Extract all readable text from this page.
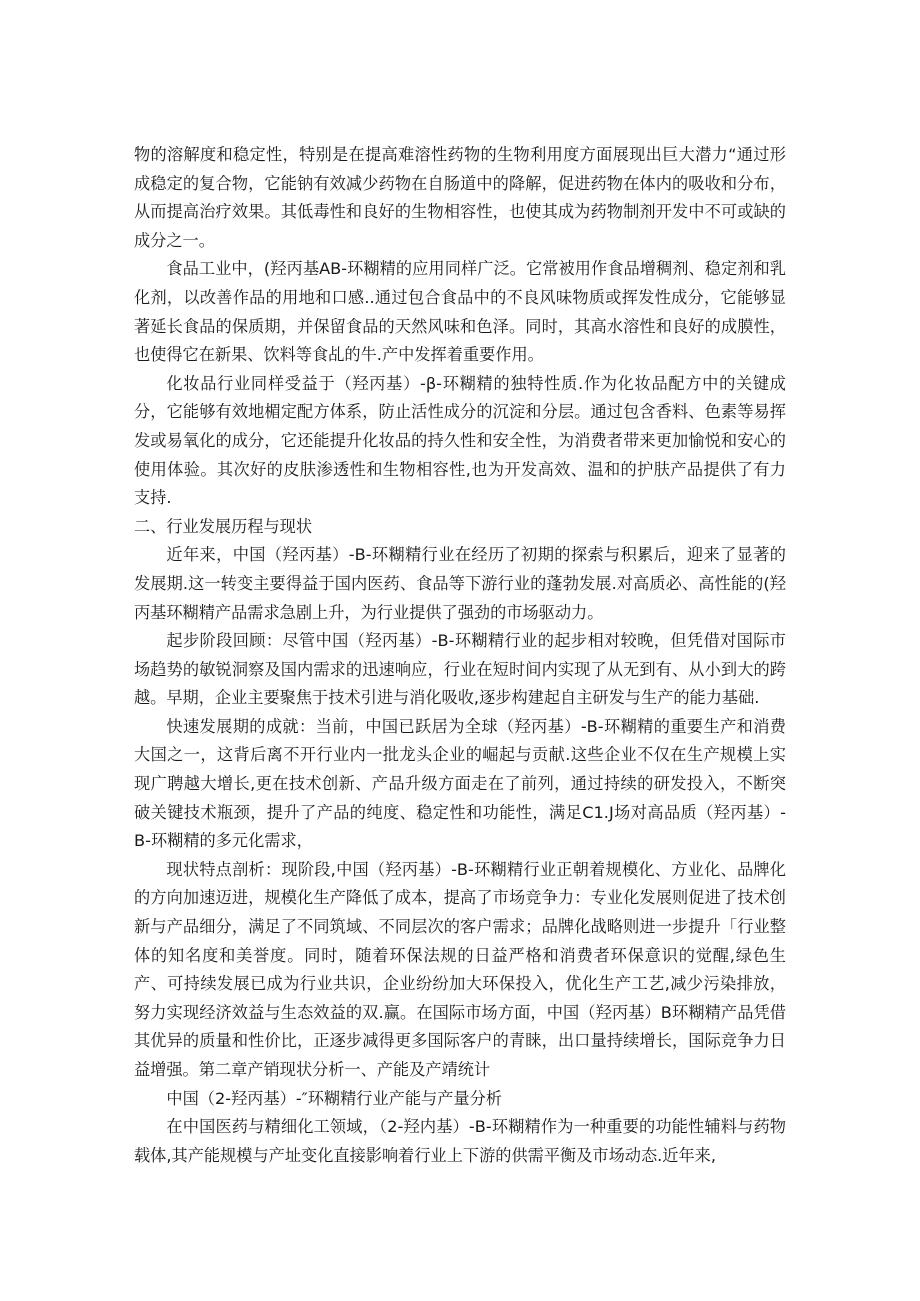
物的溶解度和稳定性，特别是在提高难溶性药物的生物利用度方面展现出巨大潜力“通过形成稳定的复合物，它能钠有效减少药物在自肠道中的降解，促进药物在体内的吸收和分布，从而提高治疗效果。其低毒性和良好的生物相容性，也使其成为药物制剂开发中不可或缺的成分之一。

食品工业中，(羟丙基AB-环糊精的应用同样广泛。它常被用作食品增稠剂、稳定剂和乳化剂，以改善作品的用地和口感..通过包合食品中的不良风味物质或挥发性成分，它能够显著延长食品的保质期，并保留食品的天然风味和色泽。同时，其高水溶性和良好的成膜性，也使得它在新果、饮料等食乩的牛.产中发挥着重要作用。

化妆品行业同样受益于（羟丙基）-β-环糊精的独特性质.作为化妆品配方中的关键成分，它能够有效地楣定配方体系，防止活性成分的沉淀和分层。通过包含香料、色素等易挥发或易氧化的成分，它还能提升化妆品的持久性和安全性，为消费者带来更加愉悦和安心的使用体验。其次好的皮肤渗透性和生物相容性,也为开发高效、温和的护肤产品提供了有力支持.

二、行业发展历程与现状

近年来，中国（羟丙基）-B-环糊精行业在经历了初期的探索与积累后，迎来了显著的发展期.这一转变主要得益于国内医药、食品等下游行业的蓬勃发展.对高质必、高性能的(羟丙基环糊精产品需求急剧上升，为行业提供了强劲的市场驱动力。

起步阶段回顾：尽管中国（羟丙基）-B-环糊精行业的起步相对较晚，但凭借对国际市场趋势的敏锐洞察及国内需求的迅速响应，行业在短时间内实现了从无到有、从小到大的跨越。早期，企业主要聚焦于技术引进与消化吸收,逐步构建起自主研发与生产的能力基础.

快速发展期的成就：当前，中国已跃居为全球（羟丙基）-B-环糊精的重要生产和消费大国之一，这背后离不开行业内一批龙头企业的崛起与贡献.这些企业不仅在生产规模上实现广聘越大增长,更在技术创新、产品升级方面走在了前列，通过持续的研发投入，不断突破关键技术瓶颈，提升了产品的纯度、稳定性和功能性，满足C1.J场对高品质（羟丙基）-B-环糊精的多元化需求，

现状特点剖析：现阶段,中国（羟丙基）-B-环糊精行业正朝着规模化、方业化、品牌化的方向加速迈进，规模化生产降低了成本，提高了市场竞争力：专业化发展则促进了技术创新与产品细分，满足了不同筑域、不同层次的客户需求；品牌化战略则进一步提升「行业整体的知名度和美誉度。同时，随着环保法规的日益严格和消费者环保意识的觉醒,绿色生产、可持续发展已成为行业共识，企业纷纷加大环保投入，优化生产工艺,减少污染排放，努力实现经济效益与生态效益的双.赢。在国际市场方面，中国（羟丙基）B环糊精产品凭借其优异的质量和性价比，正逐步减得更多国际客户的青睐，出口量持续增长，国际竞争力日益增强。第二章产销现状分析一、产能及产靖统计

中国（2-羟丙基）-″环糊精行业产能与产量分析

在中国医药与精细化工领域，（2-羟内基）-B-环糊精作为一种重要的功能性辅料与药物载体,其产能规模与产址变化直接影响着行业上下游的供需平衡及市场动态.近年来,
